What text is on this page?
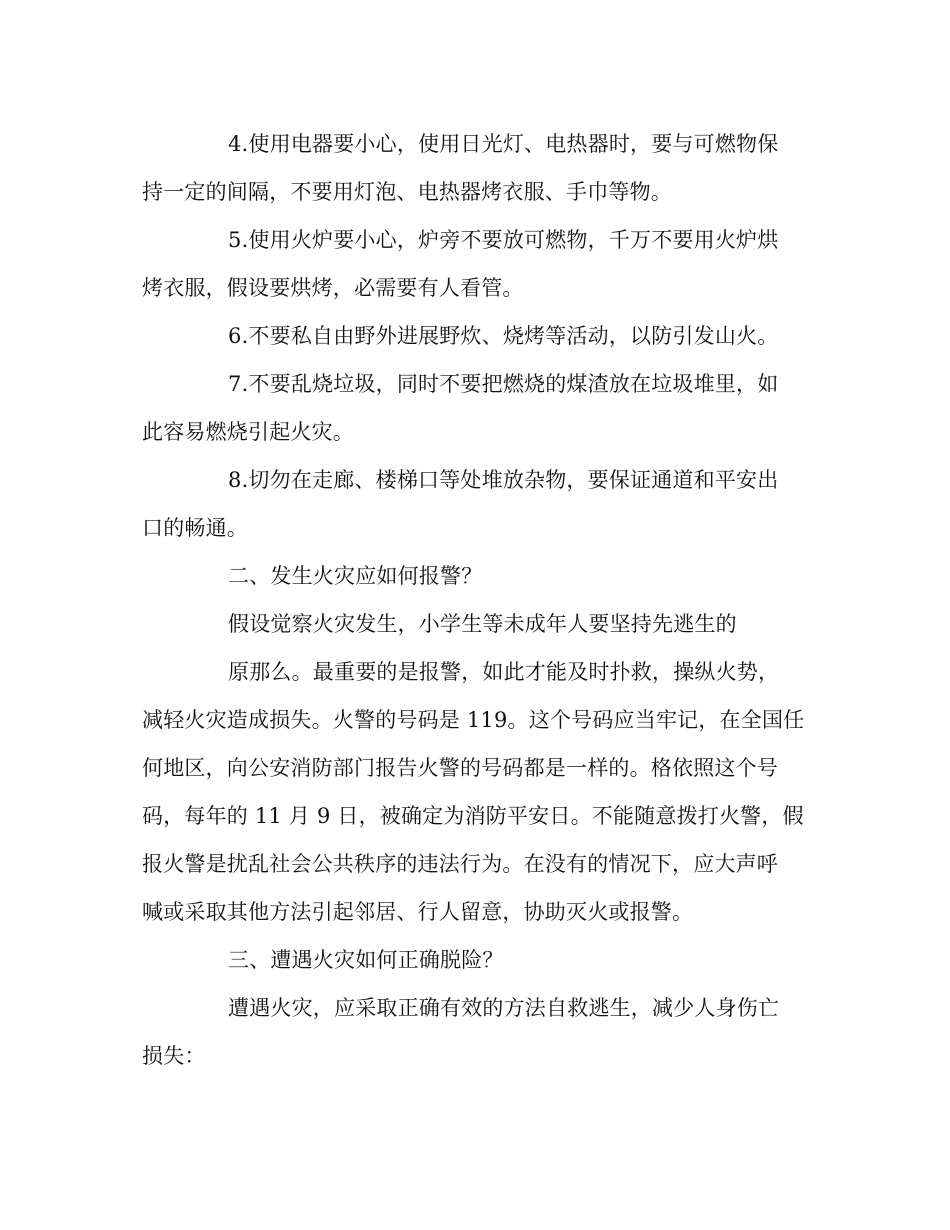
4.使用电器要小心，使用日光灯、电热器时，要与可燃物保
持一定的间隔，不要用灯泡、电热器烤衣服、手巾等物。
5.使用火炉要小心，炉旁不要放可燃物，千万不要用火炉烘
烤衣服，假设要烘烤，必需要有人看管。
6.不要私自由野外进展野炊、烧烤等活动，以防引发山火。
7.不要乱烧垃圾，同时不要把燃烧的煤渣放在垃圾堆里，如
此容易燃烧引起火灾。
8.切勿在走廊、楼梯口等处堆放杂物，要保证通道和平安出
口的畅通。
二、发生火灾应如何报警？
假设觉察火灾发生，小学生等未成年人要坚持先逃生的
原那么。最重要的是报警，如此才能及时扑救，操纵火势，
减轻火灾造成损失。火警的号码是 119。这个号码应当牢记，在全国任
何地区，向公安消防部门报告火警的号码都是一样的。格依照这个号
码，每年的 11 月 9 日，被确定为消防平安日。不能随意拨打火警，假
报火警是扰乱社会公共秩序的违法行为。在没有的情况下，应大声呼
喊或采取其他方法引起邻居、行人留意，协助灭火或报警。
三、遭遇火灾如何正确脱险？
遭遇火灾，应采取正确有效的方法自救逃生，减少人身伤亡
损失：
